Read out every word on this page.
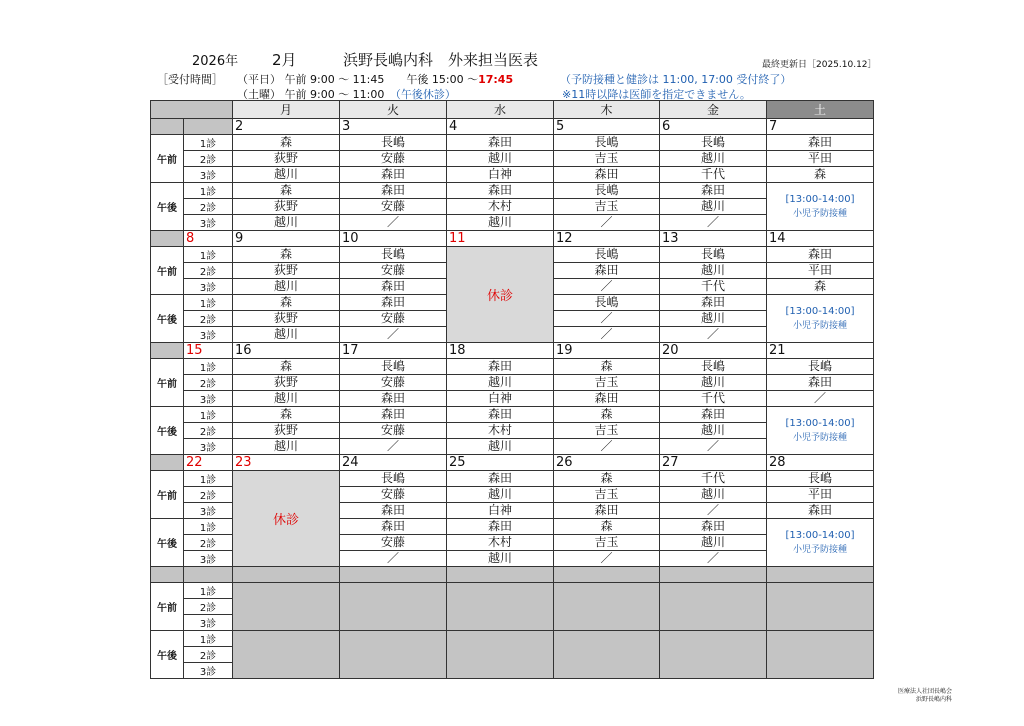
2026年 2月	浜野長嶋内科　外来担当医表	最終更新日［2025.10.12］
［受付時間］ （平日） 午前 9:00 〜 11:45　　午後 15:00 〜17:45
（土曜） 午前 9:00 〜 11:00　 （午後休診）
（予防接種と健診は 11:00, 17:00 受付終了）
※11時以降は医師を指定できません。
		月	火	水	木	金	土
		2	3	4	5	6	7
午前	1診	森	長嶋	森田	長嶋	長嶋	森田
	2診	荻野	安藤	越川	吉玉	越川	平田
	3診	越川	森田	白神	森田	千代	森
午後	1診	森	森田	森田	長嶋	森田	[13:00-14:00]
小児予防接種

	2診	荻野	安藤	木村	吉玉	越川	
	3診	越川	／	越川	／	／	
	8	9	10	11	12	13	14
午前	1診	森	長嶋	休診	長嶋	長嶋	森田
	2診	荻野	安藤		森田	越川	平田
	3診	越川	森田		／	千代	森
午後	1診	森	森田		長嶋	森田	[13:00-14:00]
小児予防接種

	2診	荻野	安藤		／	越川	
	3診	越川	／		／	／	
	15	16	17	18	19	20	21
午前	1診	森	長嶋	森田	森	長嶋	長嶋
	2診	荻野	安藤	越川	吉玉	越川	森田
	3診	越川	森田	白神	森田	千代	／
午後	1診	森	森田	森田	森	森田	[13:00-14:00]
小児予防接種

	2診	荻野	安藤	木村	吉玉	越川	
	3診	越川	／	越川	／	／	
	22	23	24	25	26	27	28
午前	1診	休診	長嶋	森田	森	千代	長嶋
	2診		安藤	越川	吉玉	越川	平田
	3診		森田	白神	森田	／	森田
午後	1診		森田	森田	森	森田	[13:00-14:00]
小児予防接種

	2診		安藤	木村	吉玉	越川	
	3診		／	越川	／	／	

午前	1診						
	2診						
	3診						
午後	1診						
	2診						
	3診						
医療法人社団長嶋会
浜野長嶋内科
